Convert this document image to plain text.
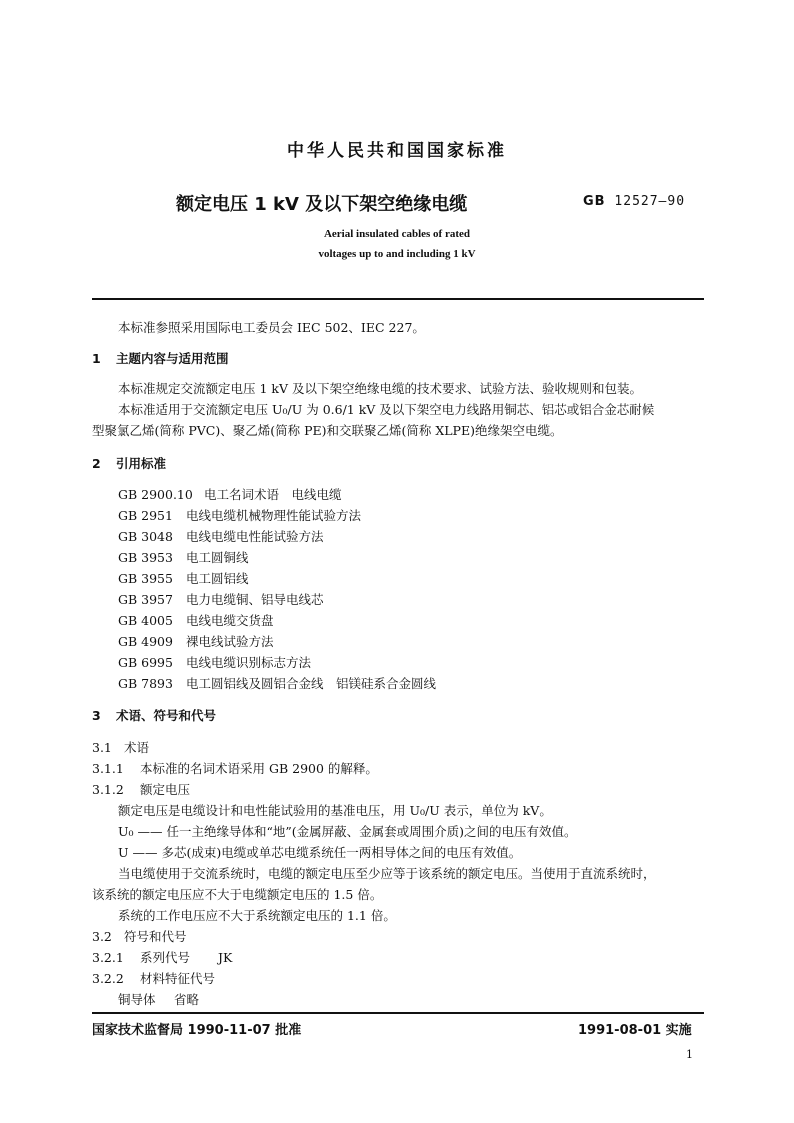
中华人民共和国国家标准
额定电压 1 kV 及以下架空绝缘电缆	GB 12527—90
Aerial insulated cables of rated
voltages up to and including 1 kV
本标准参照采用国际电工委员会 IEC 502、IEC 227。
1 主题内容与适用范围
本标准规定交流额定电压 1 kV 及以下架空绝缘电缆的技术要求、试验方法、验收规则和包装。
本标准适用于交流额定电压 U₀/U 为 0.6/1 kV 及以下架空电力线路用铜芯、铝芯或铝合金芯耐候
型聚氯乙烯(简称 PVC)、聚乙烯(简称 PE)和交联聚乙烯(简称 XLPE)绝缘架空电缆。
2 引用标准
GB 2900.10 电工名词术语　电线电缆
GB 2951 电线电缆机械物理性能试验方法
GB 3048 电线电缆电性能试验方法
GB 3953 电工圆铜线
GB 3955 电工圆铝线
GB 3957 电力电缆铜、铝导电线芯
GB 4005 电线电缆交货盘
GB 4909 裸电线试验方法
GB 6995 电线电缆识别标志方法
GB 7893 电工圆铝线及圆铝合金线　铝镁硅系合金圆线
3 术语、符号和代号
3.1 术语
3.1.1 本标准的名词术语采用 GB 2900 的解释。
3.1.2 额定电压
额定电压是电缆设计和电性能试验用的基准电压，用 U₀/U 表示，单位为 kV。
U₀ —— 任一主绝缘导体和“地”(金属屏蔽、金属套或周围介质)之间的电压有效值。
U —— 多芯(成束)电缆或单芯电缆系统任一两相导体之间的电压有效值。
当电缆使用于交流系统时，电缆的额定电压至少应等于该系统的额定电压。当使用于直流系统时，
该系统的额定电压应不大于电缆额定电压的 1.5 倍。
系统的工作电压应不大于系统额定电压的 1.1 倍。
3.2 符号和代号
3.2.1 系列代号 JK
3.2.2 材料特征代号
铜导体 省略
国家技术监督局 1990-11-07 批准	1991-08-01 实施
1
